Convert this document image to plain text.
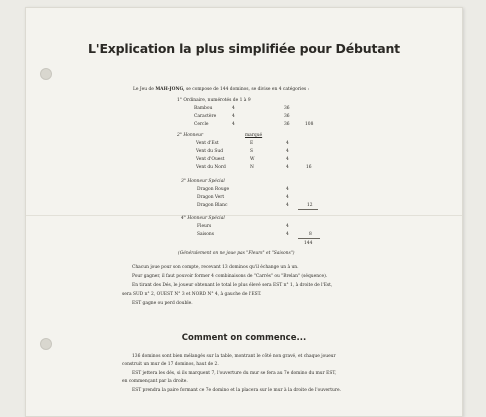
L'Explication la plus simplifiée pour Débutant
Le Jeu de MAH-JONG, se compose de 144 dominos, se divise en 4 catégories :
1° Ordinaire, numérotés de 1 à 9
Bambou	4	36
Caractère	4	36
Cercle	4	36	108
2° Honneur	marqué
Vent d'Est	E	4
Vent du Sud	S	4
Vent d'Ouest	W	4
Vent du Nord	N	4	16
3° Honneur Spécial
Dragon Rouge	4
Dragon Vert	4
Dragon Blanc	4	12
4° Honneur Spécial
Fleurs	4
Saisons	4	8
144
(Généralement on ne joue pas "Fleurs" et "Saisons")
Chacun joue pour son compte, recevant 13 dominos qu'il échange un à un.
Pour gagner, il faut pouvoir former 4 combinaisons de "Carrés" ou "Brelan" (séquence).
En tirant des Dés, le joueur obtenant le total le plus élevé sera EST n° 1, à droite de l'Est,
sera SUD n° 2, OUEST N° 3 et NORD N° 4, à gauche de l'EST.
EST gagne ou perd double.
Comment on commence...
136 dominos sont bien mélangés sur la table, montrant le côté non gravé, et chaque joueur
construit un mur de 17 dominos, haut de 2.
EST jettera les dés, si ils marquent 7, l'ouverture du mur se fera au 7e domino du mur EST,
en commençant par la droite.
EST prendra la paire formant ce 7e domino et la placera sur le mur à la droite de l'ouverture.
